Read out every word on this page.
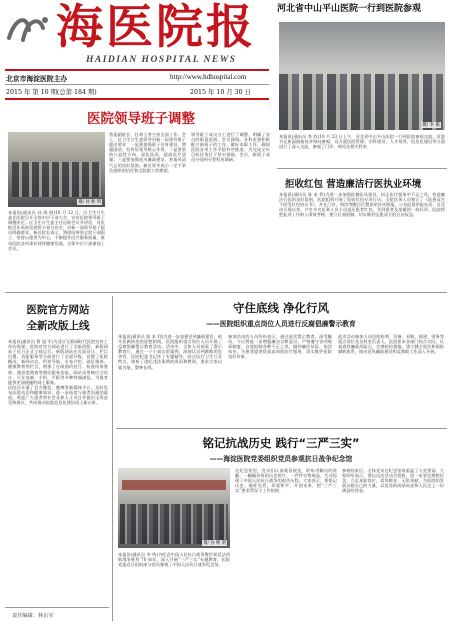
海医院报
HAIDIAN HOSPITAL NEWS
北京市海淀医院主办	http://www.hdhospital.com
2015 年 第 10 期(总第 184 期)	2015 年 10 月 30 日
河北省中山平山医院一行到医院参观
摄/ 李 歌
本报讯(通讯员 李 欣)10 月 23 日上午，河北省中山平山医院一行到医院参观交流。党委书记崔淑娟接待并陪同参观，双方就医院管理、学科建设、人才培养、信息化建设等方面进行了深入交流，参观了门诊、病房及相关科室。
拒收红包 营造廉洁行医执业环境
本报讯(通讯员 陈 本 利)为进一步加强医德医风建设，纠正医疗服务中不正之风，营造廉洁行医的良好氛围，医院组织开展了拒收红包专项行动。全院医务人员签订了《医患双方不收受红包协议书》，并在门诊、病房等醒目位置张贴宣传海报，公布监督举报电话。自活动开展以来，共有多名医务人员主动退还患者红包，受到患者及家属的一致好评。医院将把此项工作纳入绩效考核，建立长效机制，切实维护医患双方的合法权益。
医院领导班子调整
摄/ 孙 继 明
本报讯(通讯员 孙 海 朋)10 月 12 日，区卫生计生委在医院召开全体中层干部大会，宣布医院领导班子调整决定。区卫生计生委主任出席会议并讲话，对医院近年来的发展给予充分肯定，对新一届领导班子提出明确要求。新任院长表示，将团结带领全院干部职工，坚持以患者为中心，不断提升医疗服务质量，推动医院各项事业持续健康发展。全体中层干部参加了会议。
常委副院长、任命王秀主持全面工作。会上，区卫生计生委领导对新一届领导班子提出要求：一是要加强班子自身建设，增强团结，发挥好领导核心作用；二是要坚持公益性方向，深化医改，提高医疗质量；三是要加强党风廉政建设，营造风清气正的良好氛围。新任领导表示一定不辜负组织的信任和全院职工的期望。
领导班子成员分工进行了调整，明确了各自的职责范围。会议强调，各科室要积极配合新班子的工作，做好本职工作，确保医院各项工作平稳有序推进，为完成全年目标任务打下坚实基础。会后，新班子成员分别到分管科室调研。
医院官方网站
全新改版上线
本报讯(通讯员 曹 旭 军)为适应互联网时代医院宣传工作的需要，医院对官方网站进行了全新改版，新版网站于近日正式上线运行。新版网站在页面设计、栏目设置、功能服务等方面进行了全面升级，设置了医院概况、新闻动态、科室导航、专家介绍、就医指南、健康教育等栏目，增加了在线预约挂号、检查结果查询、满意度调查等便民服务功能。网站采用响应式设计，可在电脑、手机、平板等多种终端浏览，为患者提供更加便捷的网上服务。
医院还开通了官方微信、微博等新媒体平台，及时发布医院动态和健康知识，进一步拓宽与患者沟通的渠道。欢迎广大患者和社会各界人士关注并提出宝贵意见和建议，共同推动医院信息化建设再上新台阶。
责任编辑：林京军
守住底线 净化行风
——医院组织重点岗位人员进行反腐倡廉警示教育
本报讯(通讯员 陈 本 利)为进一步加强党风廉政建设，筑牢拒腐防变的思想防线，医院组织重点岗位人员开展了反腐倡廉警示教育活动。活动中，全体人员观看了警示教育片，通过一个个真实的案例，深刻认识到腐败的危害性。医院纪委书记作了专题辅导，结合医疗卫生行业特点，剖析了违纪违法案例的成因和教训，要求大家以案为鉴，警钟长鸣。
参加活动的人员纷纷表示，通过此次警示教育，深受触动，今后将进一步增强廉洁自律意识，严格遵守各项规章制度，自觉抵制各种不正之风，做到廉洁从医、依法执业，为患者提供优质高效的医疗服务，切实维护医院良好形象。
此次活动参加人员包括药剂、设备、采购、基建、财务等重点岗位及各科室负责人。医院要求各部门结合实际，认真查找廉政风险点，完善防控措施，建立健全惩治和预防腐败体系，推动党风廉政建设和反腐败工作深入开展。
铭记抗战历史 践行“三严三实”
——海淀医院党委组织党员参观抗日战争纪念馆
摄/ 孙 继 明
本报讯(通讯员 李 鸣)为纪念中国人民抗日战争暨世界反法西斯战争胜利 70 周年，深入开展“三严三实”专题教育，医院党委近日组织部分党员参观了中国人民抗日战争纪念馆。
在纪念馆里，党员们认真观看展览，聆听讲解员的讲解，一幅幅珍贵的历史图片、一件件实物展品，生动再现了中国人民抗日战争的艰苦历程。大家表示，要铭记历史、缅怀先烈，珍爱和平、开创未来，把“三严三实”要求贯穿于工作始终。
参观结束后，全体党员在纪念馆前重温了入党誓词。大家纷纷表示，要以这次活动为契机，进一步坚定理想信念，立足本职岗位，爱岗敬业，无私奉献，为医院的发展贡献自己的力量，以优异的成绩向党和人民交上一份满意的答卷。
